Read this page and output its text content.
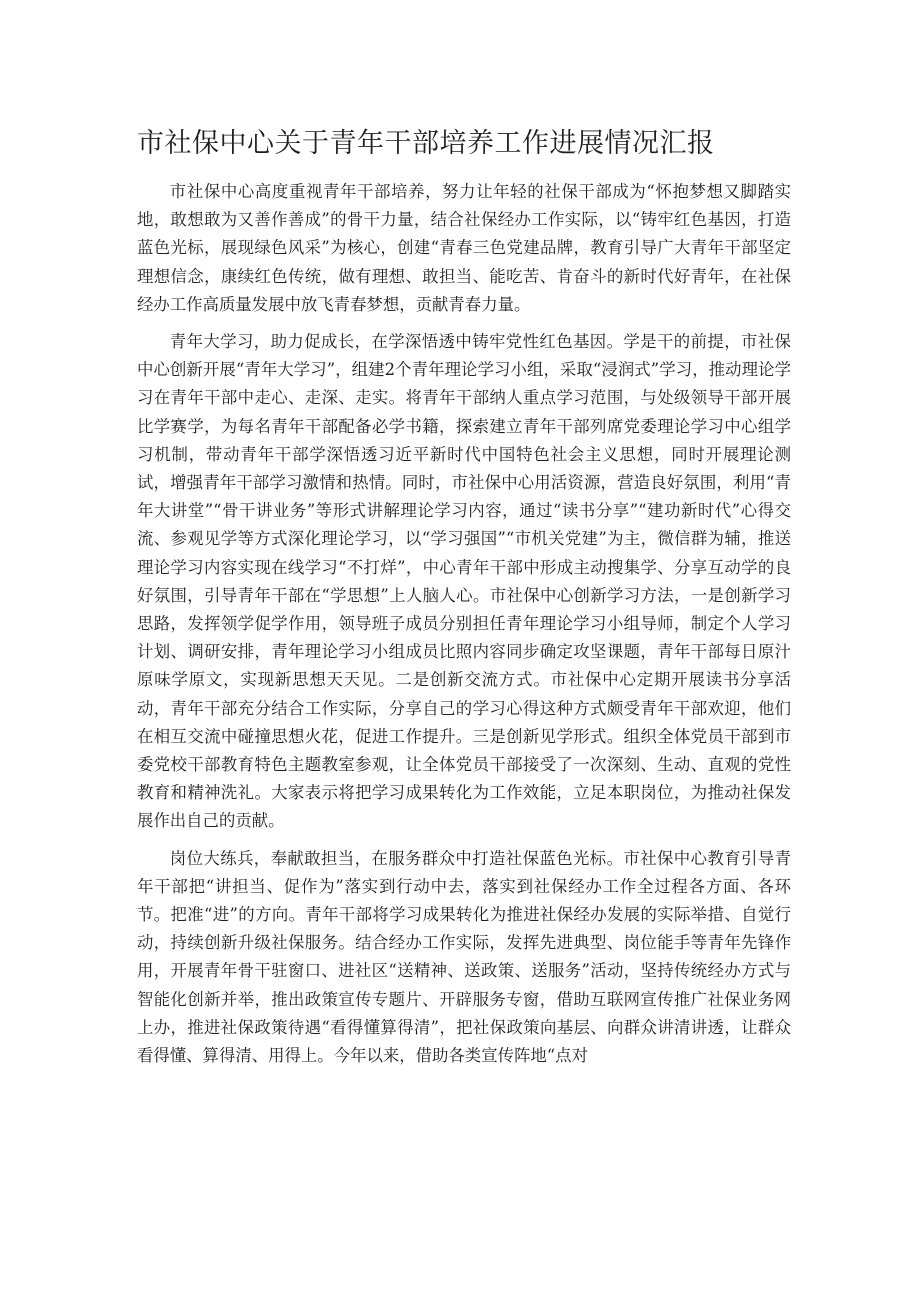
市社保中心关于青年干部培养工作进展情况汇报

市社保中心高度重视青年干部培养，努力让年轻的社保干部成为“怀抱梦想又脚踏实地，敢想敢为又善作善成”的骨干力量，结合社保经办工作实际，以“铸牢红色基因，打造蓝色光标，展现绿色风采”为核心，创建“青春三色党建品牌，教育引导广大青年干部坚定理想信念，康续红色传统，做有理想、敢担当、能吃苦、肯奋斗的新时代好青年，在社保经办工作高质量发展中放飞青春梦想，贡献青春力量。

青年大学习，助力促成长，在学深悟透中铸牢党性红色基因。学是干的前提，市社保中心创新开展“青年大学习”，组建2个青年理论学习小组，采取“浸润式”学习，推动理论学习在青年干部中走心、走深、走实。将青年干部纳人重点学习范围，与处级领导干部开展比学赛学，为每名青年干部配备必学书籍，探索建立青年干部列席党委理论学习中心组学习机制，带动青年干部学深悟透习近平新时代中国特色社会主义思想，同时开展理论测试，增强青年干部学习激情和热情。同时，市社保中心用活资源，营造良好氛围，利用“青年大讲堂”“骨干讲业务”等形式讲解理论学习内容，通过“读书分享”“建功新时代”心得交流、参观见学等方式深化理论学习，以“学习强国”“市机关党建”为主，微信群为辅，推送理论学习内容实现在线学习“不打烊”，中心青年干部中形成主动搜集学、分享互动学的良好氛围，引导青年干部在“学思想”上人脑人心。市社保中心创新学习方法，一是创新学习思路，发挥领学促学作用，领导班子成员分别担任青年理论学习小组导师，制定个人学习计划、调研安排，青年理论学习小组成员比照内容同步确定攻坚课题，青年干部每日原汁原味学原文，实现新思想天天见。二是创新交流方式。市社保中心定期开展读书分享活动，青年干部充分结合工作实际，分享自己的学习心得这种方式颇受青年干部欢迎，他们在相互交流中碰撞思想火花，促进工作提升。三是创新见学形式。组织全体党员干部到市委党校干部教育特色主题教室参观，让全体党员干部接受了一次深刻、生动、直观的党性教育和精神洗礼。大家表示将把学习成果转化为工作效能，立足本职岗位，为推动社保发展作出自己的贡献。

岗位大练兵，奉献敢担当，在服务群众中打造社保蓝色光标。市社保中心教育引导青年干部把“讲担当、促作为”落实到行动中去，落实到社保经办工作全过程各方面、各环节。把准“进”的方向。青年干部将学习成果转化为推进社保经办发展的实际举措、自觉行动，持续创新升级社保服务。结合经办工作实际，发挥先进典型、岗位能手等青年先锋作用，开展青年骨干驻窗口、进社区“送精神、送政策、送服务”活动，坚持传统经办方式与智能化创新并举，推出政策宣传专题片、开辟服务专窗，借助互联网宣传推广社保业务网上办，推进社保政策待遇“看得懂算得清”，把社保政策向基层、向群众讲清讲透，让群众看得懂、算得清、用得上。今年以来，借助各类宣传阵地“点对
